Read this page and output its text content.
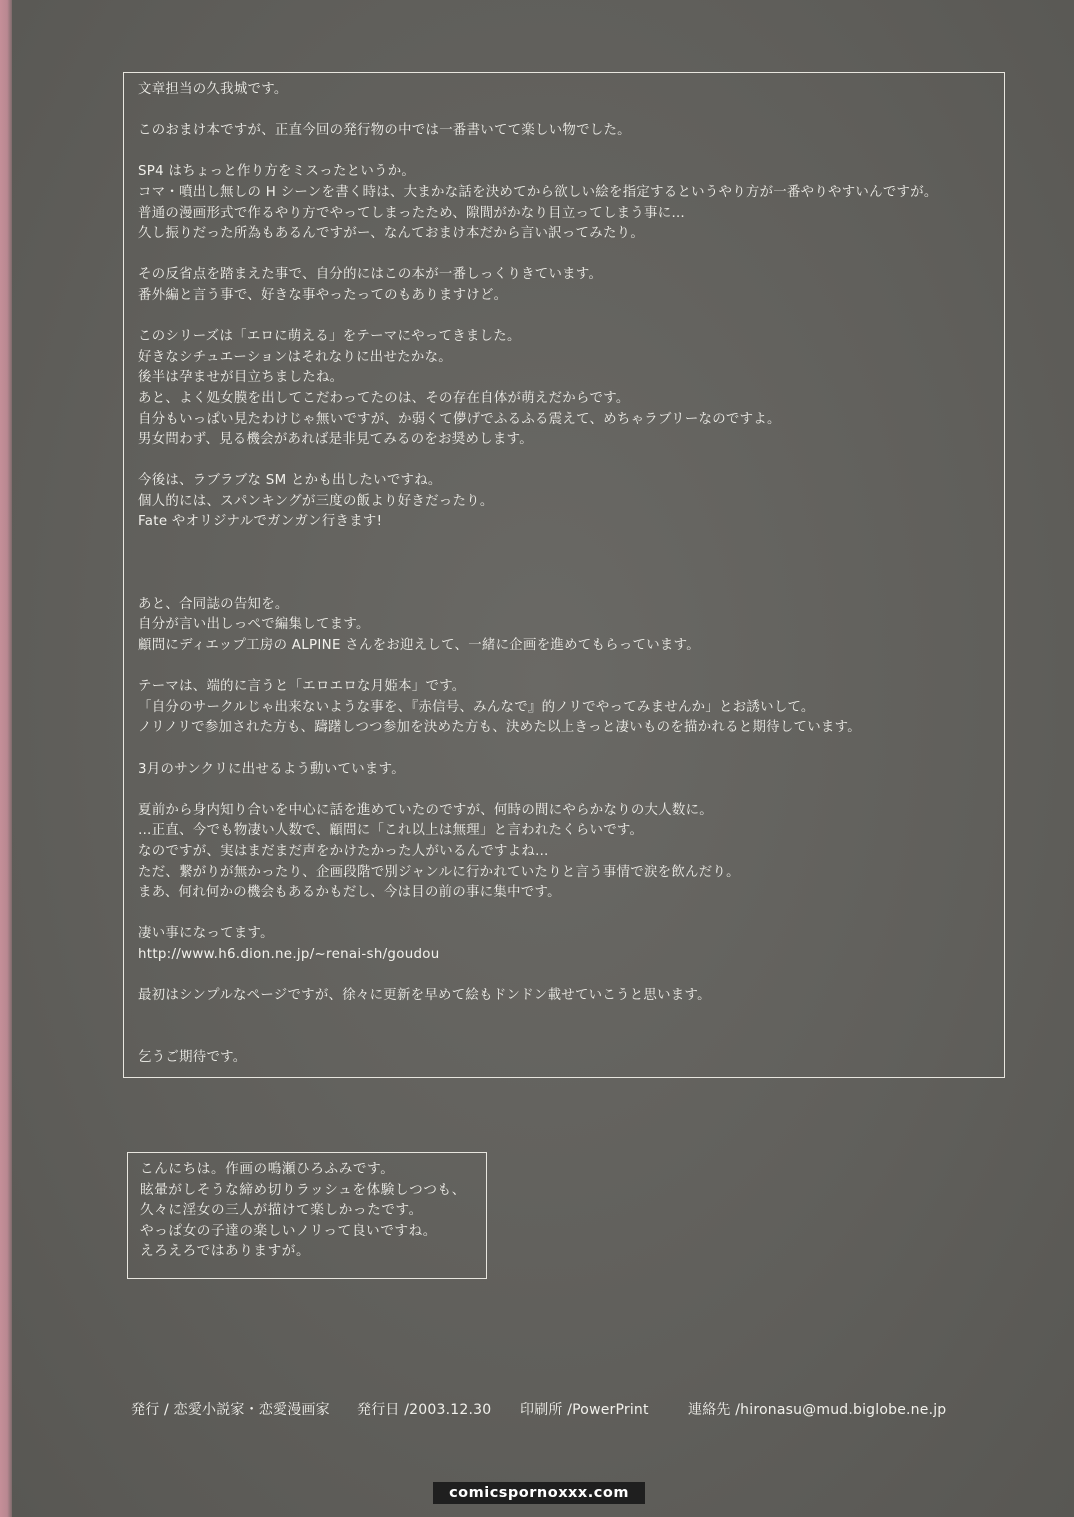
文章担当の久我城です。
このおまけ本ですが、正直今回の発行物の中では一番書いてて楽しい物でした。
SP4 はちょっと作り方をミスったというか。
コマ・噴出し無しの H シーンを書く時は、大まかな話を決めてから欲しい絵を指定するというやり方が一番やりやすいんですが。
普通の漫画形式で作るやり方でやってしまったため、隙間がかなり目立ってしまう事に…
久し振りだった所為もあるんですがー、なんておまけ本だから言い訳ってみたり。
その反省点を踏まえた事で、自分的にはこの本が一番しっくりきています。
番外編と言う事で、好きな事やったってのもありますけど。
このシリーズは「エロに萌える」をテーマにやってきました。
好きなシチュエーションはそれなりに出せたかな。
後半は孕ませが目立ちましたね。
あと、よく処女膜を出してこだわってたのは、その存在自体が萌えだからです。
自分もいっぱい見たわけじゃ無いですが、か弱くて儚げでふるふる震えて、めちゃラブリーなのですよ。
男女問わず、見る機会があれば是非見てみるのをお奨めします。
今後は、ラブラブな SM とかも出したいですね。
個人的には、スパンキングが三度の飯より好きだったり。
Fate やオリジナルでガンガン行きます!
あと、合同誌の告知を。
自分が言い出しっぺで編集してます。
顧問にディエップ工房の ALPINE さんをお迎えして、一緒に企画を進めてもらっています。
テーマは、端的に言うと「エロエロな月姫本」です。
「自分のサークルじゃ出来ないような事を、『赤信号、みんなで』的ノリでやってみませんか」とお誘いして。
ノリノリで参加された方も、躊躇しつつ参加を決めた方も、決めた以上きっと凄いものを描かれると期待しています。
3月のサンクリに出せるよう動いています。
夏前から身内知り合いを中心に話を進めていたのですが、何時の間にやらかなりの大人数に。
…正直、今でも物凄い人数で、顧問に「これ以上は無理」と言われたくらいです。
なのですが、実はまだまだ声をかけたかった人がいるんですよね…
ただ、繋がりが無かったり、企画段階で別ジャンルに行かれていたりと言う事情で涙を飲んだり。
まあ、何れ何かの機会もあるかもだし、今は目の前の事に集中です。
凄い事になってます。
http://www.h6.dion.ne.jp/~renai-sh/goudou
最初はシンプルなページですが、徐々に更新を早めて絵もドンドン載せていこうと思います。
乞うご期待です。
こんにちは。作画の鳴瀬ひろふみです。
眩暈がしそうな締め切りラッシュを体験しつつも、
久々に淫女の三人が描けて楽しかったです。
やっぱ女の子達の楽しいノリって良いですね。
えろえろではありますが。
発行 / 恋愛小説家・恋愛漫画家 発行日 /2003.12.30 印刷所 /PowerPrint	連絡先 /hironasu@mud.biglobe.ne.jp
comicspornoxxx.com
